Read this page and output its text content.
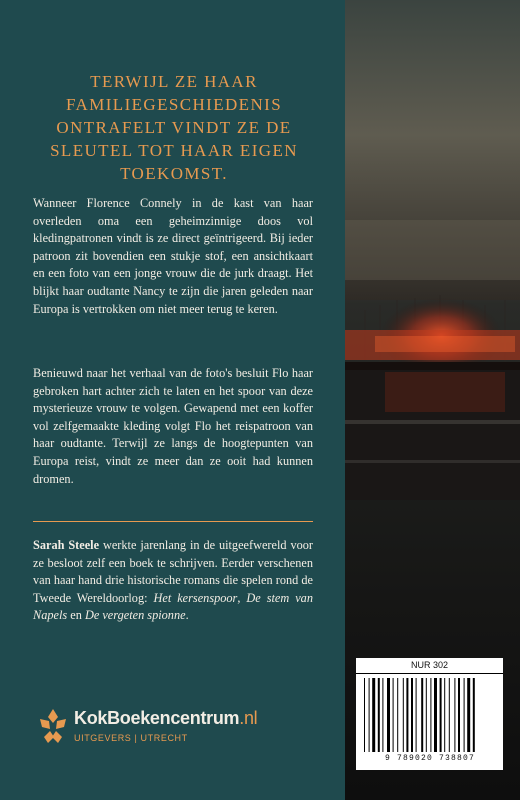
TERWIJL ZE HAAR FAMILIEGESCHIEDENIS ONTRAFELT VINDT ZE DE SLEUTEL TOT HAAR EIGEN TOEKOMST.

Wanneer Florence Connely in de kast van haar overleden oma een geheimzinnige doos vol kledingpatronen vindt is ze direct geïntrigeerd. Bij ieder patroon zit bovendien een stukje stof, een ansichtkaart en een foto van een jonge vrouw die de jurk draagt. Het blijkt haar oudtante Nancy te zijn die jaren geleden naar Europa is vertrokken om niet meer terug te keren.

Benieuwd naar het verhaal van de foto's besluit Flo haar gebroken hart achter zich te laten en het spoor van deze mysterieuze vrouw te volgen. Gewapend met een koffer vol zelfgemaakte kleding volgt Flo het reispatroon van haar oudtante. Terwijl ze langs de hoogtepunten van Europa reist, vindt ze meer dan ze ooit had kunnen dromen.

Sarah Steele werkte jarenlang in de uitgeefwereld voor ze besloot zelf een boek te schrijven. Eerder verschenen van haar hand drie historische romans die spelen rond de Tweede Wereldoorlog: Het kersenspoor, De stem van Napels en De vergeten spionne.

KokBoekencentrum.nl
UITGEVERS | UTRECHT
NUR 302
9 789020 738807
